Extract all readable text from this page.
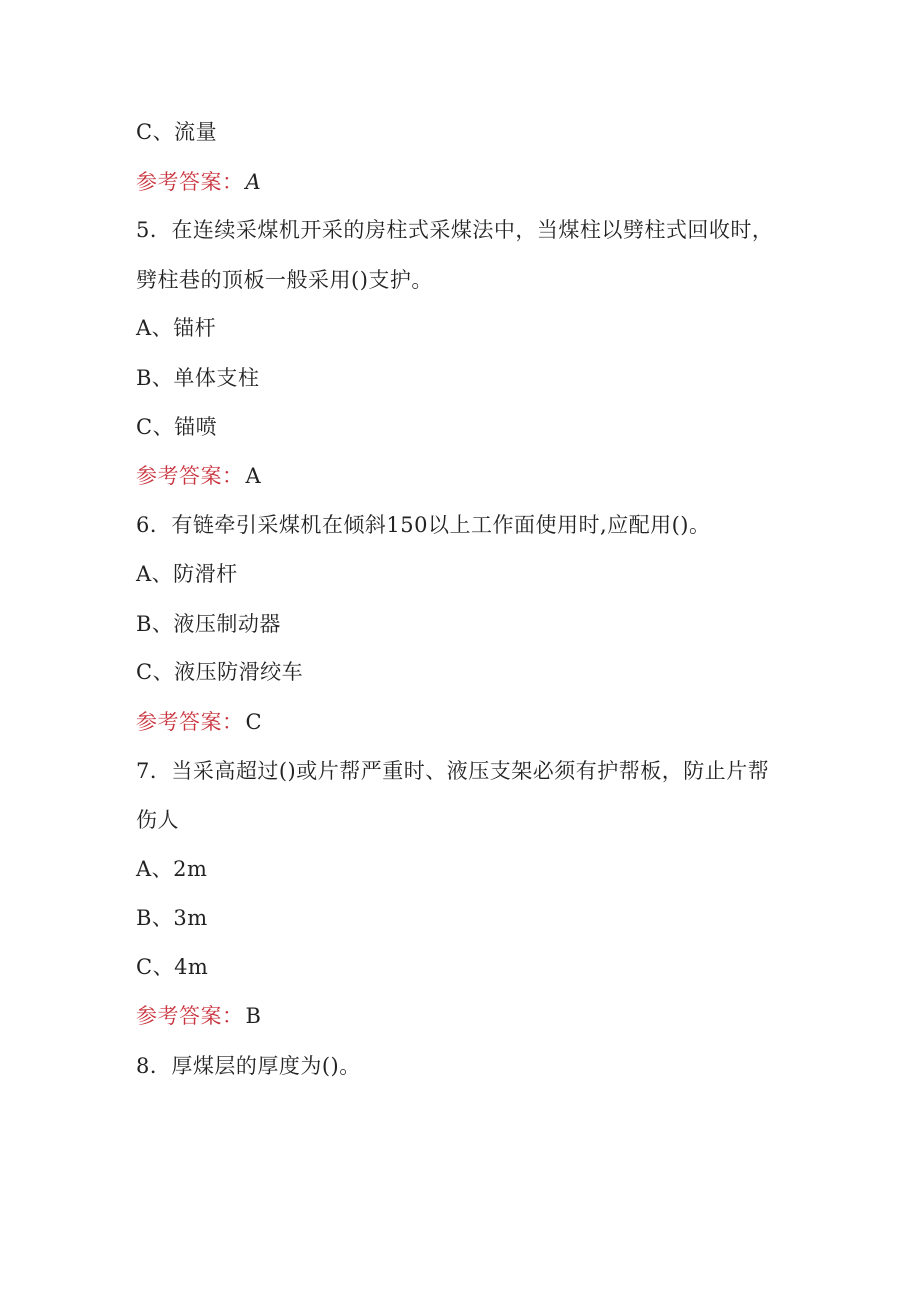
C、流量
参考答案：A
5．在连续采煤机开采的房柱式采煤法中，当煤柱以劈柱式回收时，
劈柱巷的顶板一般采用()支护。
A、锚杆
B、单体支柱
C、锚喷
参考答案：A
6．有链牵引采煤机在倾斜150以上工作面使用时,应配用()。
A、防滑杆
B、液压制动器
C、液压防滑绞车
参考答案：C
7．当采高超过()或片帮严重时、液压支架必须有护帮板，防止片帮
伤人
A、2m
B、3m
C、4m
参考答案：B
8．厚煤层的厚度为()。
